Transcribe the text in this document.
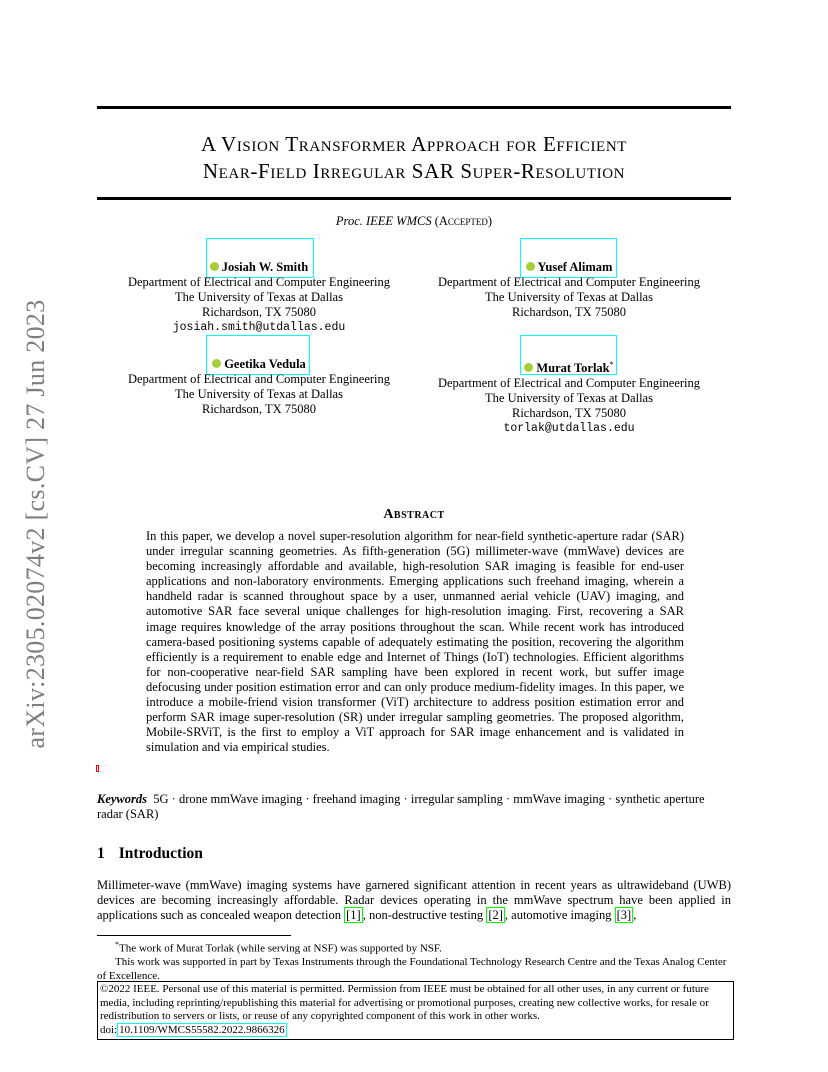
arXiv:2305.02074v2 [cs.CV] 27 Jun 2023
A Vision Transformer Approach for Efficient
Near-Field Irregular SAR Super-Resolution
Proc. IEEE WMCS (Accepted)
Josiah W. Smith
Department of Electrical and Computer Engineering
The University of Texas at Dallas
Richardson, TX 75080
josiah.smith@utdallas.edu
Yusef Alimam
Department of Electrical and Computer Engineering
The University of Texas at Dallas
Richardson, TX 75080
Geetika Vedula
Department of Electrical and Computer Engineering
The University of Texas at Dallas
Richardson, TX 75080
Murat Torlak*
Department of Electrical and Computer Engineering
The University of Texas at Dallas
Richardson, TX 75080
torlak@utdallas.edu
Abstract
In this paper, we develop a novel super-resolution algorithm for near-field synthetic-aperture radar (SAR) under irregular scanning geometries. As fifth-generation (5G) millimeter-wave (mmWave) devices are becoming increasingly affordable and available, high-resolution SAR imaging is feasible for end-user applications and non-laboratory environments. Emerging applications such freehand imaging, wherein a handheld radar is scanned throughout space by a user, unmanned aerial vehicle (UAV) imaging, and automotive SAR face several unique challenges for high-resolution imaging. First, recovering a SAR image requires knowledge of the array positions throughout the scan. While recent work has introduced camera-based positioning systems capable of adequately estimating the position, recovering the algorithm efficiently is a requirement to enable edge and Internet of Things (IoT) technologies. Efficient algorithms for non-cooperative near-field SAR sampling have been explored in recent work, but suffer image defocusing under position estimation error and can only produce medium-fidelity images. In this paper, we introduce a mobile-friend vision transformer (ViT) architecture to address position estimation error and perform SAR image super-resolution (SR) under irregular sampling geometries. The proposed algorithm, Mobile-SRViT, is the first to employ a ViT approach for SAR image enhancement and is validated in simulation and via empirical studies.
Keywords 5G · drone mmWave imaging · freehand imaging · irregular sampling · mmWave imaging · synthetic aperture radar (SAR)
1 Introduction
Millimeter-wave (mmWave) imaging systems have garnered significant attention in recent years as ultrawideband (UWB) devices are becoming increasingly affordable. Radar devices operating in the mmWave spectrum have been applied in applications such as concealed weapon detection [1] , non-destructive testing [2] , automotive imaging [3] ,

*The work of Murat Torlak (while serving at NSF) was supported by NSF.

This work was supported in part by Texas Instruments through the Foundational Technology Research Centre and the Texas Analog Center of Excellence.

©2022 IEEE. Personal use of this material is permitted. Permission from IEEE must be obtained for all other uses, in any current or future media, including reprinting/republishing this material for advertising or promotional purposes, creating new collective works, for resale or redistribution to servers or lists, or reuse of any copyrighted component of this work in other works.
doi: 10.1109/WMCS55582.2022.9866326
